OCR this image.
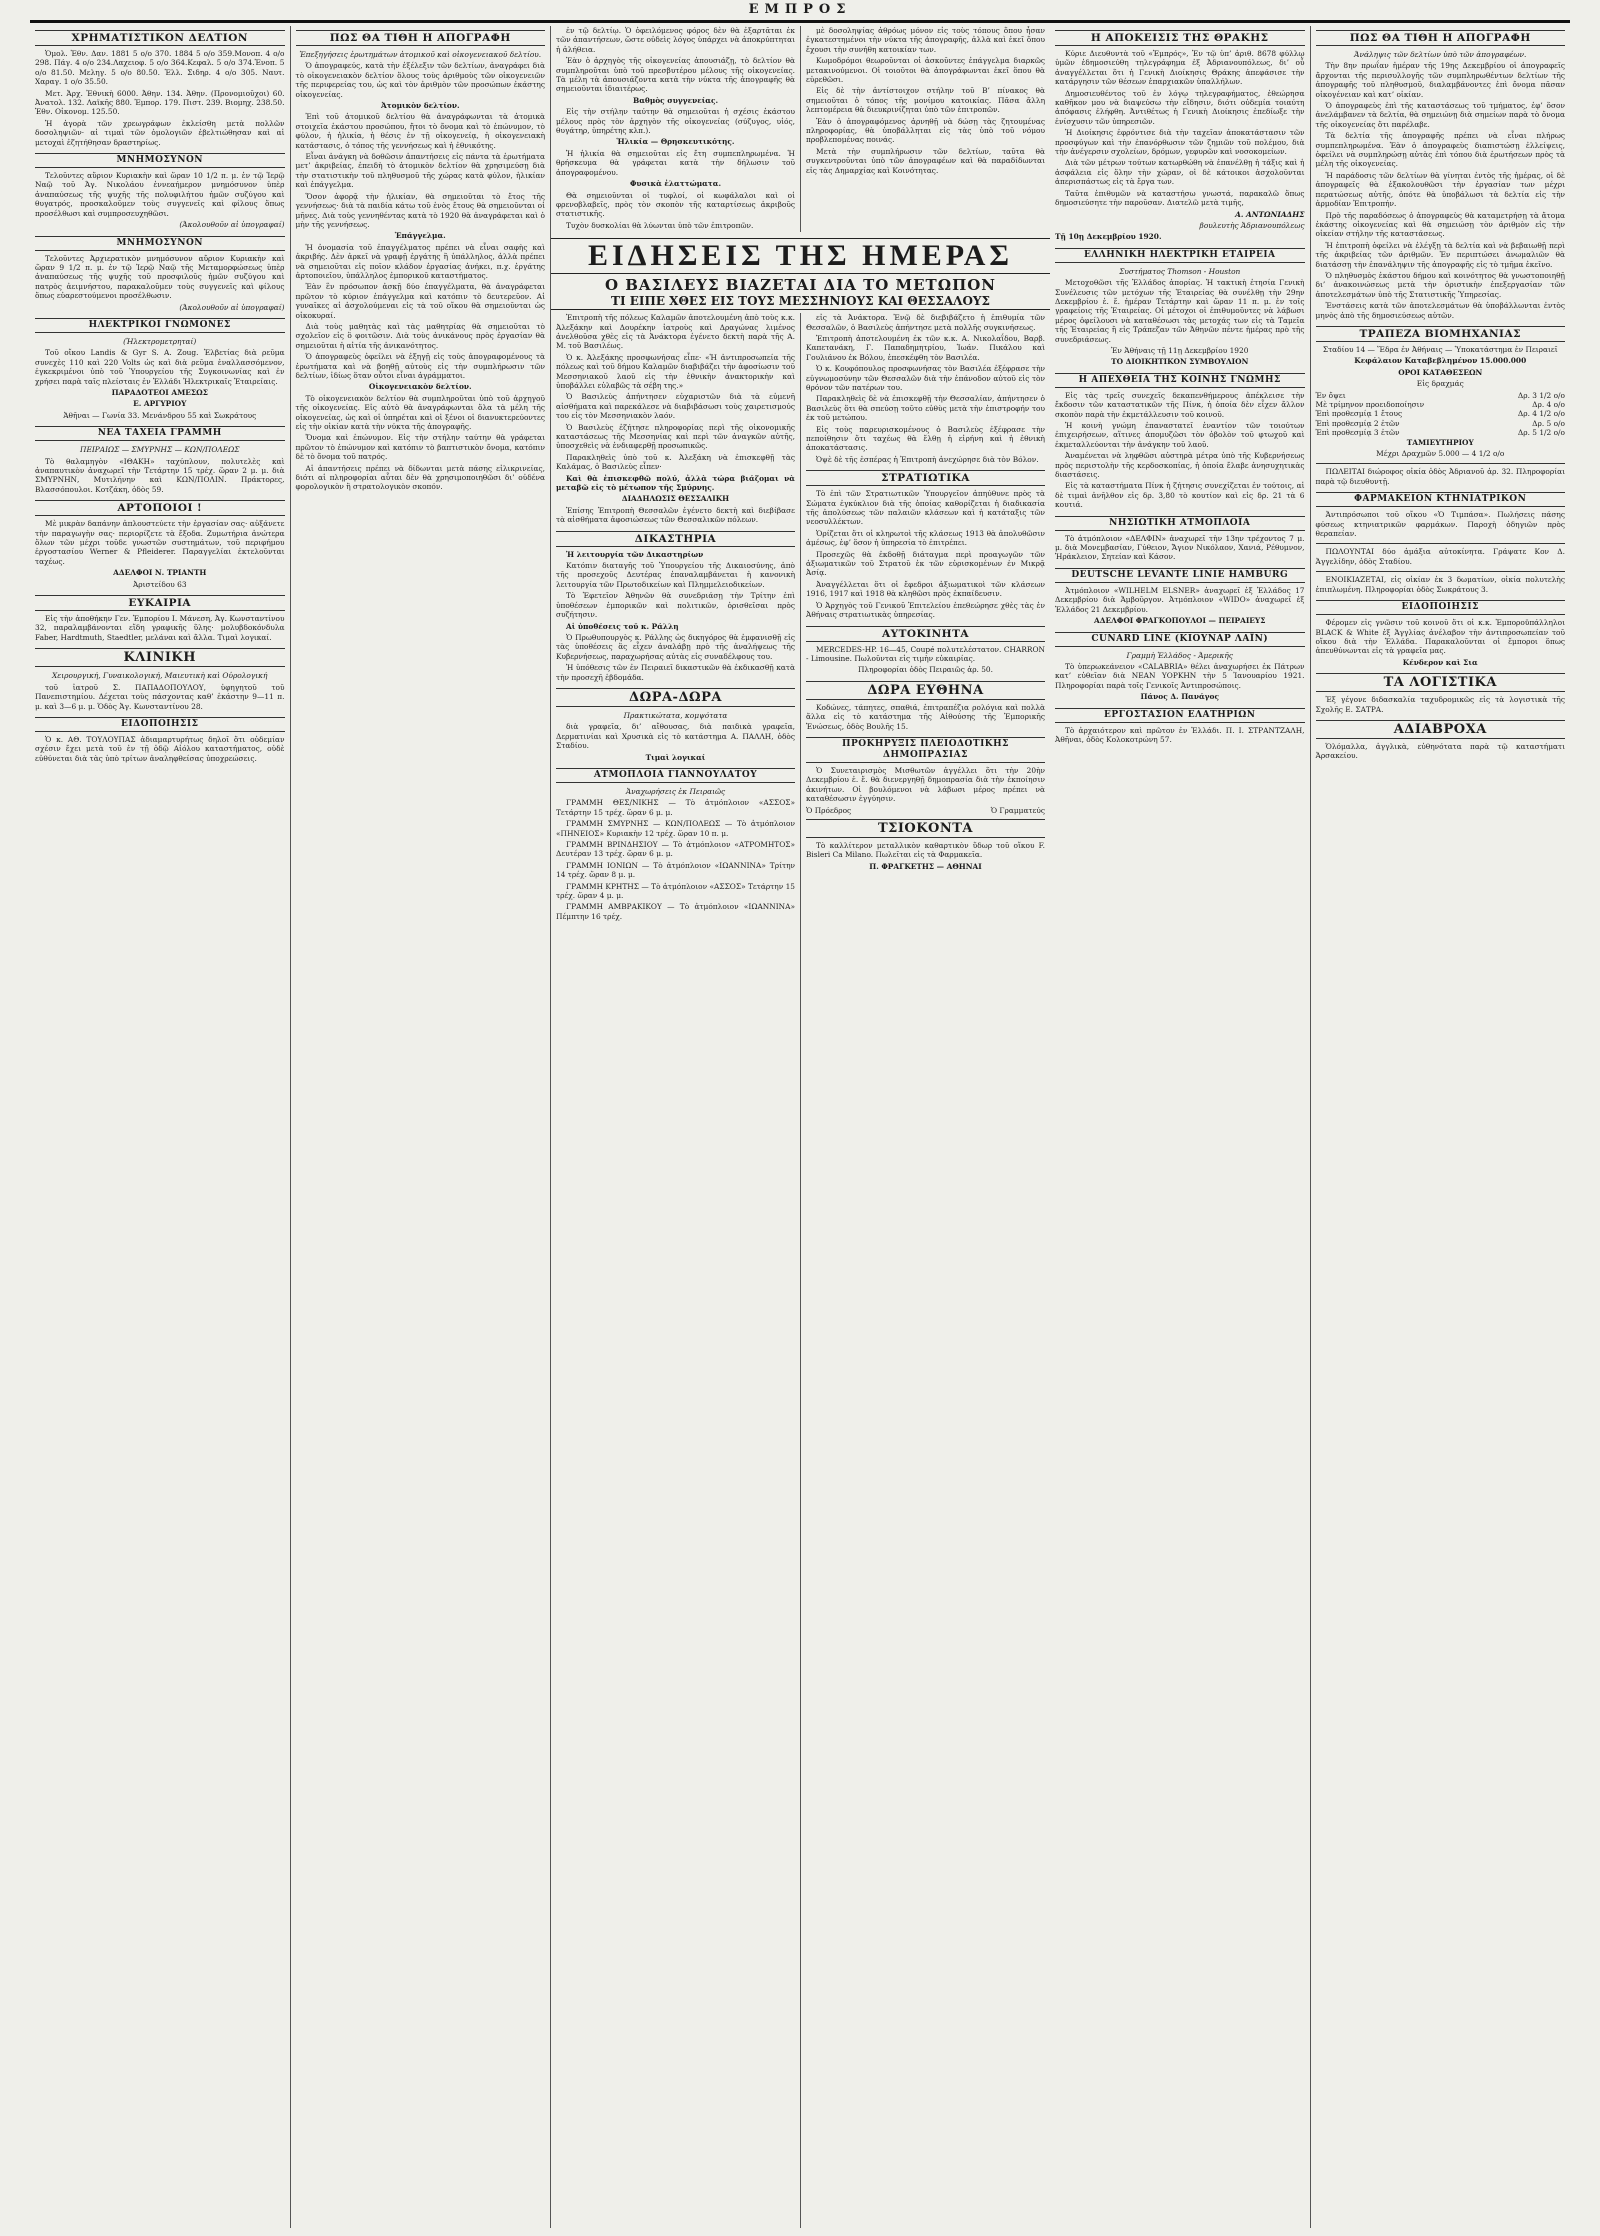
ΕΜΠΡΟΣ
ΧΡΗΜΑΤΙΣΤΙΚΟΝ ΔΕΛΤΙΟΝ

Ὁμολ. Ἐθν. Δαν. 1881 5 ο/ο 370. 1884 5 ο/ο 359.Μονοπ. 4 ο/ο 298. Πάγ. 4 ο/ο 234.Λαχειοφ. 5 ο/ο 364.Κεφαλ. 5 ο/ο 374.Ἐνοπ. 5 ο/ο 81.50. Μεληγ. 5 ο/ο 80.50. Ἐλλ. Σιδηρ. 4 ο/ο 305. Ναυτ. Χαραγ. 1 ο/ο 35.50.

Μετ. Ἀρχ. Ἐθνικὴ 6000. Ἀθην. 134. Ἀθην. (Προνομιοῦχοι) 60. Ἀνατολ. 132. Λαϊκῆς 880. Ἐμπορ. 179. Πιστ. 239. Βιομηχ. 238.50. Ἐθν. Οἰκονομ. 125.50.

Ἡ ἀγορὰ τῶν χρεωγράφων ἐκλείσθη μετὰ πολλῶν δοσοληψιῶν· αἱ τιμαὶ τῶν ὁμολογιῶν ἐβελτιώθησαν καὶ αἱ μετοχαὶ ἐζητήθησαν δραστηρίως.

ΜΝΗΜΟΣΥΝΟΝ

Τελοῦντες αὔριον Κυριακὴν καὶ ὥραν 10 1/2 π. μ. ἐν τῷ Ἱερῷ Ναῷ τοῦ Ἁγ. Νικολάου ἐννεαήμερον μνημόσυνον ὑπὲρ ἀναπαύσεως τῆς ψυχῆς τῆς πολυφιλήτου ἡμῶν συζύγου καὶ θυγατρός, προσκαλοῦμεν τοὺς συγγενεῖς καὶ φίλους ὅπως προσέλθωσι καὶ συμπροσευχηθῶσι.

(Ἀκολουθοῦν αἱ ὑπογραφαί)

ΜΝΗΜΟΣΥΝΟΝ

Τελοῦντες Ἀρχιερατικὸν μνημόσυνον αὔριον Κυριακὴν καὶ ὥραν 9 1/2 π. μ. ἐν τῷ Ἱερῷ Ναῷ τῆς Μεταμορφώσεως ὑπὲρ ἀναπαύσεως τῆς ψυχῆς τοῦ προσφιλοῦς ἡμῶν συζύγου καὶ πατρὸς ἀειμνήστου, παρακαλοῦμεν τοὺς συγγενεῖς καὶ φίλους ὅπως εὐαρεστούμενοι προσέλθωσιν.

(Ἀκολουθοῦν αἱ ὑπογραφαί)

ΗΛΕΚΤΡΙΚΟΙ ΓΝΩΜΟΝΕΣ
(Ἠλεκτρομετρηταί)

Τοῦ οἴκου Landis & Gyr S. A. Zoug. Ἐλβετίας διὰ ρεῦμα συνεχὲς 110 καὶ 220 Volts ὡς καὶ διὰ ρεῦμα ἐναλλασσόμενον, ἐγκεκριμένοι ὑπὸ τοῦ Ὑπουργείου τῆς Συγκοινωνίας καὶ ἐν χρήσει παρὰ ταῖς πλείσταις ἐν Ἑλλάδι Ἠλεκτρικαῖς Ἑταιρείαις.

ΠΑΡΑΔΟΤΕΟΙ ΑΜΕΣΩΣ

Ε. ΑΡΓΥΡΙΟΥ

Ἀθῆναι — Γωνία 33. Μενάνδρου 55 καὶ Σωκράτους

ΝΕΑ ΤΑΧΕΙΑ ΓΡΑΜΜΗ
ΠΕΙΡΑΙΩΣ — ΣΜΥΡΝΗΣ — ΚΩΝ/ΠΟΛΕΩΣ

Τὸ θαλαμηγὸν «ΙΘΑΚΗ» ταχύπλουν, πολυτελὲς καὶ ἀναπαυτικὸν ἀναχωρεῖ τὴν Τετάρτην 15 τρέχ. ὥραν 2 μ. μ. διὰ ΣΜΥΡΝΗΝ, Μυτιλήνην καὶ ΚΩΝ/ΠΟΛΙΝ. Πράκτορες, Βλασσόπουλοι. Κοτζάκη, ὁδὸς 59.

ΑΡΤΟΠΟΙΟΙ !

Μὲ μικρὰν δαπάνην ἀπλουστεύετε τὴν ἐργασίαν σας· αὐξάνετε τὴν παραγωγὴν σας· περιορίζετε τὰ ἔξοδα. Ζυμωτήρια ἀνώτερα ὅλων τῶν μέχρι τοῦδε γνωστῶν συστημάτων, τοῦ περιφήμου ἐργοστασίου Werner & Pfleiderer. Παραγγελίαι ἐκτελοῦνται ταχέως.

ΑΔΕΛΦΟΙ Ν. ΤΡΙΑΝΤΗ

Ἀριστείδου 63

ΕΥΚΑΙΡΙΑ

Εἰς τὴν ἀποθήκην Γεν. Ἐμπορίου Ι. Μάνεση, Ἀγ. Κωνσταντίνου 32, παραλαμβάνονται εἴδη γραφικῆς ὕλης· μολυβδοκόνδυλα Faber, Hardtmuth, Staedtler, μελάναι καὶ ἄλλα. Τιμαὶ λογικαί.

ΚΛΙΝΙΚΗ
Χειρουργική, Γυναικολογική, Μαιευτικὴ καὶ Οὐρολογική

τοῦ ἰατροῦ Σ. ΠΑΠΑΔΟΠΟΥΛΟΥ, ὑφηγητοῦ τοῦ Πανεπιστημίου. Δέχεται τοὺς πάσχοντας καθ’ ἑκάστην 9—11 π. μ. καὶ 3—6 μ. μ. Ὁδὸς Ἀγ. Κωνσταντίνου 28.

ΕΙΔΟΠΟΙΗΣΙΣ

Ὁ κ. ΑΘ. ΤΟΥΛΟΥΠΑΣ ἀδιαμαρτυρήτως δηλοῖ ὅτι οὐδεμίαν σχέσιν ἔχει μετὰ τοῦ ἐν τῇ ὁδῷ Αἰόλου καταστήματος, οὐδὲ εὐθύνεται διὰ τὰς ὑπὸ τρίτων ἀναληφθείσας ὑποχρεώσεις.

ΠΩΣ ΘΑ ΤΙΘΗ Η ΑΠΟΓΡΑΦΗ
Ἐπεξηγήσεις ἐρωτημάτων ἀτομικοῦ καὶ οἰκογενειακοῦ δελτίου.

Ὁ ἀπογραφεύς, κατὰ τὴν ἐξέλεξιν τῶν δελτίων, ἀναγράφει διὰ τὸ οἰκογενειακὸν δελτίον ὅλους τοὺς ἀριθμοὺς τῶν οἰκογενειῶν τῆς περιφερείας του, ὡς καὶ τὸν ἀριθμὸν τῶν προσώπων ἐκάστης οἰκογενείας.

Ἀτομικὸν δελτίον.

Ἐπὶ τοῦ ἀτομικοῦ δελτίου θὰ ἀναγράφωνται τὰ ἀτομικὰ στοιχεῖα ἑκάστου προσώπου, ἤτοι τὸ ὄνομα καὶ τὸ ἐπώνυμον, τὸ φύλον, ἡ ἡλικία, ἡ θέσις ἐν τῇ οἰκογενείᾳ, ἡ οἰκογενειακὴ κατάστασις, ὁ τόπος τῆς γεννήσεως καὶ ἡ ἐθνικότης.

Εἶναι ἀνάγκη νὰ δοθῶσιν ἀπαντήσεις εἰς πάντα τὰ ἐρωτήματα μετ’ ἀκριβείας, ἐπειδὴ τὸ ἀτομικὸν δελτίον θὰ χρησιμεύσῃ διὰ τὴν στατιστικὴν τοῦ πληθυσμοῦ τῆς χώρας κατὰ φύλον, ἡλικίαν καὶ ἐπάγγελμα.

Ὅσον ἀφορᾷ τὴν ἡλικίαν, θὰ σημειοῦται τὸ ἔτος τῆς γεννήσεως· διὰ τὰ παιδία κάτω τοῦ ἑνὸς ἔτους θὰ σημειοῦνται οἱ μῆνες. Διὰ τοὺς γεννηθέντας κατὰ τὸ 1920 θὰ ἀναγράφεται καὶ ὁ μὴν τῆς γεννήσεως.

Ἐπάγγελμα.

Ἡ ὀνομασία τοῦ ἐπαγγέλματος πρέπει νὰ εἶναι σαφὴς καὶ ἀκριβής. Δὲν ἀρκεῖ νὰ γραφῇ ἐργάτης ἢ ὑπάλληλος, ἀλλὰ πρέπει νὰ σημειοῦται εἰς ποῖον κλάδον ἐργασίας ἀνήκει, π.χ. ἐργάτης ἀρτοποιεῖου, ὑπάλληλος ἐμπορικοῦ καταστήματος.

Ἐὰν ἓν πρόσωπον ἀσκῇ δύο ἐπαγγέλματα, θὰ ἀναγράφεται πρῶτον τὸ κύριον ἐπάγγελμα καὶ κατόπιν τὸ δευτερεῦον. Αἱ γυναῖκες αἱ ἀσχολούμεναι εἰς τὰ τοῦ οἴκου θὰ σημειοῦνται ὡς οἰκοκυραί.

Διὰ τοὺς μαθητὰς καὶ τὰς μαθητρίας θὰ σημειοῦται τὸ σχολεῖον εἰς ὃ φοιτῶσιν. Διὰ τοὺς ἀνικάνους πρὸς ἐργασίαν θὰ σημειοῦται ἡ αἰτία τῆς ἀνικανότητος.

Ὁ ἀπογραφεὺς ὀφείλει νὰ ἐξηγῇ εἰς τοὺς ἀπογραφομένους τὰ ἐρωτήματα καὶ νὰ βοηθῇ αὐτοὺς εἰς τὴν συμπλήρωσιν τῶν δελτίων, ἰδίως ὅταν οὗτοι εἶναι ἀγράμματοι.

Οἰκογενειακὸν δελτίον.

Τὸ οἰκογενειακὸν δελτίον θὰ συμπληροῦται ὑπὸ τοῦ ἀρχηγοῦ τῆς οἰκογενείας. Εἰς αὐτὸ θὰ ἀναγράφωνται ὅλα τὰ μέλη τῆς οἰκογενείας, ὡς καὶ οἱ ὑπηρέται καὶ οἱ ξένοι οἱ διανυκτερεύοντες εἰς τὴν οἰκίαν κατὰ τὴν νύκτα τῆς ἀπογραφῆς.

Ὄνομα καὶ ἐπώνυμον. Εἰς τὴν στήλην ταύτην θὰ γράφεται πρῶτον τὸ ἐπώνυμον καὶ κατόπιν τὸ βαπτιστικὸν ὄνομα, κατόπιν δὲ τὸ ὄνομα τοῦ πατρός.

Αἱ ἀπαντήσεις πρέπει νὰ δίδωνται μετὰ πάσης εἰλικρινείας, διότι αἱ πληροφορίαι αὗται δὲν θὰ χρησιμοποιηθῶσι δι’ οὐδένα φορολογικὸν ἢ στρατολογικὸν σκοπόν.

ἐν τῷ δελτίῳ. Ὁ ὀφειλόμενος φόρος δὲν θὰ ἐξαρτᾶται ἐκ τῶν ἀπαντήσεων, ὥστε οὐδεὶς λόγος ὑπάρχει νὰ ἀποκρύπτηται ἡ ἀλήθεια.

Ἐὰν ὁ ἀρχηγὸς τῆς οἰκογενείας ἀπουσιάζῃ, τὸ δελτίον θὰ συμπληροῦται ὑπὸ τοῦ πρεσβυτέρου μέλους τῆς οἰκογενείας. Τὰ μέλη τὰ ἀπουσιάζοντα κατὰ τὴν νύκτα τῆς ἀπογραφῆς θὰ σημειοῦνται ἰδιαιτέρως.

Βαθμὸς συγγενείας.

Εἰς τὴν στήλην ταύτην θὰ σημειοῦται ἡ σχέσις ἑκάστου μέλους πρὸς τὸν ἀρχηγὸν τῆς οἰκογενείας (σύζυγος, υἱός, θυγάτηρ, ὑπηρέτης κλπ.).

Ἡλικία — Θρησκευτικότης.

Ἡ ἡλικία θὰ σημειοῦται εἰς ἔτη συμπεπληρωμένα. Ἡ θρήσκευμα θὰ γράφεται κατὰ τὴν δήλωσιν τοῦ ἀπογραφομένου.

Φυσικὰ ἐλαττώματα.

Θὰ σημειοῦνται οἱ τυφλοί, οἱ κωφάλαλοι καὶ οἱ φρενοβλαβεῖς, πρὸς τὸν σκοπὸν τῆς καταρτίσεως ἀκριβοῦς στατιστικῆς.

Τυχὸν δυσκολίαι θὰ λύωνται ὑπὸ τῶν ἐπιτροπῶν.

μὲ δοσοληψίας ἀθρόως μόνον εἰς τοὺς τόπους ὅπου ἦσαν ἐγκατεστημένοι τὴν νύκτα τῆς ἀπογραφῆς, ἀλλὰ καὶ ἐκεῖ ὅπου ἔχουσι τὴν συνήθη κατοικίαν των.

Κωμοδρόμοι θεωροῦνται οἱ ἀσκοῦντες ἐπάγγελμα διαρκῶς μετακινούμενοι. Οἱ τοιοῦτοι θὰ ἀπογράφωνται ἐκεῖ ὅπου θὰ εὑρεθῶσι.

Εἰς δὲ τὴν ἀντίστοιχον στήλην τοῦ Β’ πίνακος θὰ σημειοῦται ὁ τόπος τῆς μονίμου κατοικίας. Πᾶσα ἄλλη λεπτομέρεια θὰ διευκρινίζηται ὑπὸ τῶν ἐπιτροπῶν.

Ἐὰν ὁ ἀπογραφόμενος ἀρνηθῇ νὰ δώσῃ τὰς ζητουμένας πληροφορίας, θὰ ὑποβάλληται εἰς τὰς ὑπὸ τοῦ νόμου προβλεπομένας ποινάς.

Μετὰ τὴν συμπλήρωσιν τῶν δελτίων, ταῦτα θὰ συγκεντροῦνται ὑπὸ τῶν ἀπογραφέων καὶ θὰ παραδίδωνται εἰς τὰς Δημαρχίας καὶ Κοινότητας.

ΕΙΔΗΣΕΙΣ ΤΗΣ ΗΜΕΡΑΣ
Ο ΒΑΣΙΛΕΥΣ ΒΙΑΖΕΤΑΙ ΔΙΑ ΤΟ ΜΕΤΩΠΟΝ
ΤΙ ΕΙΠΕ ΧΘΕΣ ΕΙΣ ΤΟΥΣ ΜΕΣΣΗΝΙΟΥΣ ΚΑΙ ΘΕΣΣΑΛΟΥΣ

Ἐπιτροπὴ τῆς πόλεως Καλαμῶν ἀποτελουμένη ἀπὸ τοὺς κ.κ. Ἀλεξάκην καὶ Δουρέκην ἰατροὺς καὶ Δραγώνας λιμένος ἀνελθοῦσα χθὲς εἰς τὰ Ἀνάκτορα ἐγένετο δεκτὴ παρὰ τῆς Α. Μ. τοῦ Βασιλέως.

Ὁ κ. Ἀλεξάκης προσφωνήσας εἶπε· «Ἡ ἀντιπροσωπεία τῆς πόλεως καὶ τοῦ δήμου Καλαμῶν διαβιβάζει τὴν ἀφοσίωσιν τοῦ Μεσσηνιακοῦ λαοῦ εἰς τὴν ἐθνικὴν ἀνακτορικὴν καὶ ὑποβάλλει εὐλαβῶς τὰ σέβη της.»

Ὁ Βασιλεὺς ἀπήντησεν εὐχαριστῶν διὰ τὰ εὐμενῆ αἰσθήματα καὶ παρεκάλεσε νὰ διαβιβάσωσι τοὺς χαιρετισμούς του εἰς τὸν Μεσσηνιακὸν λαόν.

Ὁ Βασιλεὺς ἐζήτησε πληροφορίας περὶ τῆς οἰκονομικῆς καταστάσεως τῆς Μεσσηνίας καὶ περὶ τῶν ἀναγκῶν αὐτῆς, ὑποσχεθεὶς νὰ ἐνδιαφερθῇ προσωπικῶς.

Παρακληθεὶς ὑπὸ τοῦ κ. Ἀλεξάκη νὰ ἐπισκεφθῇ τὰς Καλάμας, ὁ Βασιλεὺς εἶπεν·

Καὶ θὰ ἐπισκεφθῶ πολύ, ἀλλὰ τώρα βιάζομαι νὰ μεταβῶ εἰς τὸ μέτωπον τῆς Σμύρνης.

ΔΙΑΔΗΛΩΣΙΣ ΘΕΣΣΑΛΙΚΗ

Ἐπίσης Ἐπιτροπὴ Θεσσαλῶν ἐγένετο δεκτὴ καὶ διεβίβασε τὰ αἰσθήματα ἀφοσιώσεως τῶν Θεσσαλικῶν πόλεων.

ΔΙΚΑΣΤΗΡΙΑ

Ἡ λειτουργία τῶν Δικαστηρίων

Κατόπιν διαταγῆς τοῦ Ὑπουργείου τῆς Δικαιοσύνης, ἀπὸ τῆς προσεχοῦς Δευτέρας ἐπαναλαμβάνεται ἡ κανονικὴ λειτουργία τῶν Πρωτοδικείων καὶ Πλημμελειοδικείων.

Τὸ Ἐφετεῖον Ἀθηνῶν θὰ συνεδριάσῃ τὴν Τρίτην ἐπὶ ὑποθέσεων ἐμπορικῶν καὶ πολιτικῶν, ὁρισθεῖσαι πρὸς συζήτησιν.

Αἱ ὑποθέσεις τοῦ κ. Ράλλη

Ὁ Πρωθυπουργὸς κ. Ράλλης ὡς δικηγόρος θὰ ἐμφανισθῇ εἰς τὰς ὑποθέσεις ἃς εἶχεν ἀναλάβῃ πρὸ τῆς ἀναλήψεως τῆς Κυβερνήσεως, παραχωρήσας αὐτὰς εἰς συναδέλφους του.

Ἡ ὑπόθεσις τῶν ἐν Πειραιεῖ δικαστικῶν θὰ ἐκδικασθῇ κατὰ τὴν προσεχῆ ἑβδομάδα.

ΔΩΡΑ-ΔΩΡΑ
Πρακτικώτατα, κομψότατα

διὰ γραφεῖα, δι’ αἴθουσας, διὰ παιδικὰ γραφεῖα, Δερματινίαι καὶ Χρυσικὰ εἰς τὸ κατάστημα Α. ΠΑΛΛΗ, ὁδὸς Σταδίου.

Τιμαὶ λογικαί

ΑΤΜΟΠΛΟΙΑ ΓΙΑΝΝΟΥΛΑΤΟΥ
Ἀναχωρήσεις ἐκ Πειραιῶς

ΓΡΑΜΜΗ ΘΕΣ/ΝΙΚΗΣ — Τὸ ἀτμόπλοιον «ΑΣΣΟΣ» Τετάρτην 15 τρέχ. ὥραν 6 μ. μ.

ΓΡΑΜΜΗ ΣΜΥΡΝΗΣ — ΚΩΝ/ΠΟΛΕΩΣ — Τὸ ἀτμόπλοιον «ΠΗΝΕΙΟΣ» Κυριακὴν 12 τρέχ. ὥραν 10 π. μ.

ΓΡΑΜΜΗ ΒΡΙΝΔΗΣΙΟΥ — Τὸ ἀτμόπλοιον «ΑΤΡΟΜΗΤΟΣ» Δευτέραν 13 τρέχ. ὥραν 6 μ. μ.

ΓΡΑΜΜΗ ΙΟΝΙΩΝ — Τὸ ἀτμόπλοιον «ΙΩΑΝΝΙΝΑ» Τρίτην 14 τρέχ. ὥραν 8 μ. μ.

ΓΡΑΜΜΗ ΚΡΗΤΗΣ — Τὸ ἀτμόπλοιον «ΑΣΣΟΣ» Τετάρτην 15 τρέχ. ὥραν 4 μ. μ.

ΓΡΑΜΜΗ ΑΜΒΡΑΚΙΚΟΥ — Τὸ ἀτμόπλοιον «ΙΩΑΝΝΙΝΑ» Πέμπτην 16 τρέχ.

εἰς τὰ Ἀνάκτορα. Ἐνῷ δὲ διεβιβάζετο ἡ ἐπιθυμία τῶν Θεσσαλῶν, ὁ Βασιλεὺς ἀπήντησε μετὰ πολλῆς συγκινήσεως.

Ἐπιτροπὴ ἀποτελουμένη ἐκ τῶν κ.κ. Α. Νικολαΐδου, Βαρβ. Καπετανάκη, Γ. Παπαδημητρίου, Ἰωάν. Πικάλου καὶ Γουλιάνου ἐκ Βόλου, ἐπεσκέφθη τὸν Βασιλέα.

Ὁ κ. Κουφόπουλος προσφωνήσας τὸν Βασιλέα ἐξέφρασε τὴν εὐγνωμοσύνην τῶν Θεσσαλῶν διὰ τὴν ἐπάνοδον αὐτοῦ εἰς τὸν θρόνον τῶν πατέρων του.

Παρακληθεὶς δὲ νὰ ἐπισκεφθῇ τὴν Θεσσαλίαν, ἀπήντησεν ὁ Βασιλεὺς ὅτι θὰ σπεύσῃ τοῦτο εὐθὺς μετὰ τὴν ἐπιστροφήν του ἐκ τοῦ μετώπου.

Εἰς τοὺς παρευρισκομένους ὁ Βασιλεὺς ἐξέφρασε τὴν πεποίθησιν ὅτι ταχέως θὰ ἔλθῃ ἡ εἰρήνη καὶ ἡ ἐθνικὴ ἀποκατάστασις.

Ὀψὲ δὲ τῆς ἑσπέρας ἡ Ἐπιτροπὴ ἀνεχώρησε διὰ τὸν Βόλον.

ΣΤΡΑΤΙΩΤΙΚΑ

Τὸ ἐπὶ τῶν Στρατιωτικῶν Ὑπουργεῖον ἀπηύθυνε πρὸς τὰ Σώματα ἐγκύκλιον διὰ τῆς ὁποίας καθορίζεται ἡ διαδικασία τῆς ἀπολύσεως τῶν παλαιῶν κλάσεων καὶ ἡ κατάταξις τῶν νεοσυλλέκτων.

Ὁρίζεται ὅτι οἱ κληρωτοὶ τῆς κλάσεως 1913 θὰ ἀπολυθῶσιν ἀμέσως, ἐφ’ ὅσον ἡ ὑπηρεσία τὸ ἐπιτρέπει.

Προσεχῶς θὰ ἐκδοθῇ διάταγμα περὶ προαγωγῶν τῶν ἀξιωματικῶν τοῦ Στρατοῦ ἐκ τῶν εὑρισκομένων ἐν Μικρᾷ Ἀσίᾳ.

Ἀναγγέλλεται ὅτι οἱ ἔφεδροι ἀξιωματικοὶ τῶν κλάσεων 1916, 1917 καὶ 1918 θὰ κληθῶσι πρὸς ἐκπαίδευσιν.

Ὁ Ἀρχηγὸς τοῦ Γενικοῦ Ἐπιτελείου ἐπεθεώρησε χθὲς τὰς ἐν Ἀθήναις στρατιωτικὰς ὑπηρεσίας.

ΑΥΤΟΚΙΝΗΤΑ

MERCEDES-HP. 16—45, Coupé πολυτελέστατον. CHARRON - Limousine. Πωλοῦνται εἰς τιμὴν εὐκαιρίας.

Πληροφορίαι ὁδὸς Πειραιῶς ἀρ. 50.

ΔΩΡΑ ΕΥΘΗΝΑ

Κοδώνες, τάπητες, σπαθιά, ἐπιτραπέζια ρολόγια καὶ πολλὰ ἄλλα εἰς τὸ κατάστημα τῆς Αἰθούσης τῆς Ἐμπορικῆς Ἑνώσεως, ὁδὸς Βουλῆς 15.

ΠΡΟΚΗΡΥΞΙΣ ΠΛΕΙΟΔΟΤΙΚΗΣ ΔΗΜΟΠΡΑΣΙΑΣ

Ὁ Συνεταιρισμὸς Μισθωτῶν ἀγγέλλει ὅτι τὴν 20ὴν Δεκεμβρίου ἐ. ἔ. θὰ διενεργηθῇ δημοπρασία διὰ τὴν ἐκποίησιν ἀκινήτων. Οἱ βουλόμενοι νὰ λάβωσι μέρος πρέπει νὰ καταθέσωσιν ἐγγύησιν.

Ὁ Πρόεδρος	Ὁ Γραμματεύς
ΤΣΙΟΚΟΝΤΑ

Τὸ καλλίτερον μεταλλικὸν καθαρτικὸν ὕδωρ τοῦ οἴκου F. Bisleri Ca Milano. Πωλεῖται εἰς τὰ Φαρμακεῖα.

Π. ΦΡΑΓΚΕΤΗΣ — ΑΘΗΝΑΙ

Η ΑΠΟΚΕΙΣΙΣ ΤΗΣ ΘΡΑΚΗΣ

Κύριε Διευθυντὰ τοῦ «Ἐμπρός», Ἐν τῷ ὑπ’ ἀριθ. 8678 φύλλῳ ὑμῶν ἐδημοσιεύθη τηλεγράφημα ἐξ Ἀδριανουπόλεως, δι’ οὗ ἀναγγέλλεται ὅτι ἡ Γενικὴ Διοίκησις Θράκης ἀπεφάσισε τὴν κατάργησιν τῶν θέσεων ἐπαρχιακῶν ὑπαλλήλων.

Δημοσιευθέντος τοῦ ἐν λόγῳ τηλεγραφήματος, ἐθεώρησα καθῆκον μου νὰ διαψεύσω τὴν εἴδησιν, διότι οὐδεμία τοιαύτη ἀπόφασις ἐλήφθη. Ἀντιθέτως ἡ Γενικὴ Διοίκησις ἐπεδίωξε τὴν ἐνίσχυσιν τῶν ὑπηρεσιῶν.

Ἡ Διοίκησις ἐφρόντισε διὰ τὴν ταχεῖαν ἀποκατάστασιν τῶν προσφύγων καὶ τὴν ἐπανόρθωσιν τῶν ζημιῶν τοῦ πολέμου, διὰ τὴν ἀνέγερσιν σχολείων, δρόμων, γεφυρῶν καὶ νοσοκομείων.

Διὰ τῶν μέτρων τούτων κατωρθώθη νὰ ἐπανέλθῃ ἡ τάξις καὶ ἡ ἀσφάλεια εἰς ὅλην τὴν χώραν, οἱ δὲ κάτοικοι ἀσχολοῦνται ἀπερισπάστως εἰς τὰ ἔργα των.

Ταῦτα ἐπιθυμῶν νὰ καταστήσω γνωστά, παρακαλῶ ὅπως δημοσιεύσητε τὴν παροῦσαν. Διατελῶ μετὰ τιμῆς,

Α. ΑΝΤΩΝΙΑΔΗΣ

βουλευτὴς Ἀδριανουπόλεως

Τῇ 10ῃ Δεκεμβρίου 1920.

ΕΛΛΗΝΙΚΗ ΗΛΕΚΤΡΙΚΗ ΕΤΑΙΡΕΙΑ
Συστήματος Thomson - Houston

Μετοχοθῶσι τῆς Ἑλλάδος ἀπορίας. Ἡ τακτικὴ ἐτησία Γενικὴ Συνέλευσις τῶν μετόχων τῆς Ἑταιρείας θὰ συνέλθῃ τὴν 29ην Δεκεμβρίου ἐ. ἔ. ἡμέραν Τετάρτην καὶ ὥραν 11 π. μ. ἐν τοῖς γραφείοις τῆς Ἑταιρείας. Οἱ μέτοχοι οἱ ἐπιθυμοῦντες νὰ λάβωσι μέρος ὀφείλουσι νὰ καταθέσωσι τὰς μετοχάς των εἰς τὰ Ταμεῖα τῆς Ἑταιρείας ἢ εἰς Τράπεζαν τῶν Ἀθηνῶν πέντε ἡμέρας πρὸ τῆς συνεδριάσεως.

Ἐν Ἀθήναις τῇ 11ῃ Δεκεμβρίου 1920

ΤΟ ΔΙΟΙΚΗΤΙΚΟΝ ΣΥΜΒΟΥΛΙΟΝ

Η ΑΠΕΧΘΕΙΑ ΤΗΣ ΚΟΙΝΗΣ ΓΝΩΜΗΣ

Εἰς τὰς τρεῖς συνεχεῖς δεκαπενθήμερους ἀπέκλεισε τὴν ἔκδοσιν τῶν καταστατικῶν τῆς Πίνκ, ἡ ὁποία δὲν εἶχεν ἄλλον σκοπὸν παρὰ τὴν ἐκμετάλλευσιν τοῦ κοινοῦ.

Ἡ κοινὴ γνώμη ἐπαναστατεῖ ἐναντίον τῶν τοιούτων ἐπιχειρήσεων, αἵτινες ἀπομυζῶσι τὸν ὀβολὸν τοῦ φτωχοῦ καὶ ἐκμεταλλεύονται τὴν ἀνάγκην τοῦ λαοῦ.

Ἀναμένεται νὰ ληφθῶσι αὐστηρὰ μέτρα ὑπὸ τῆς Κυβερνήσεως πρὸς περιστολὴν τῆς κερδοσκοπίας, ἡ ὁποία ἔλαβε ἀνησυχητικὰς διαστάσεις.

Εἰς τὰ καταστήματα Πίνκ ἡ ζήτησις συνεχίζεται ἐν τούτοις, αἱ δὲ τιμαὶ ἀνῆλθον εἰς δρ. 3,80 τὸ κουτίον καὶ εἰς δρ. 21 τὰ 6 κουτιά.

ΝΗΣΙΩΤΙΚΗ ΑΤΜΟΠΛΟΪΑ

Τὸ ἀτμόπλοιον «ΔΕΛΦΙΝ» ἀναχωρεῖ τὴν 13ην τρέχοντος 7 μ. μ. διὰ Μονεμβασίαν, Γύθειον, Ἄγιον Νικόλαον, Χανιά, Ρέθυμνον, Ἡράκλειον, Σητείαν καὶ Κάσον.

DEUTSCHE LEVANTE LINIE HAMBURG

Ἀτμόπλοιον «WILHELM ELSNER» ἀναχωρεῖ ἐξ Ἑλλάδος 17 Δεκεμβρίου διὰ Ἀμβοῦργον. Ἀτμόπλοιον «WIDO» ἀναχωρεῖ ἐξ Ἑλλάδος 21 Δεκεμβρίου.

ΑΔΕΛΦΟΙ ΦΡΑΓΚΟΠΟΥΛΟΙ — ΠΕΙΡΑΙΕΥΣ

CUNARD LINE (ΚΙΟΥΝΑΡ ΛΑΪΝ)
Γραμμὴ Ἑλλάδος - Ἀμερικῆς

Τὸ ὑπερωκεάνειον «CALABRIA» θέλει ἀναχωρήσει ἐκ Πάτρων κατ’ εὐθεῖαν διὰ ΝΕΑΝ ΥΟΡΚΗΝ τὴν 5 Ἰανουαρίου 1921. Πληροφορίαι παρὰ τοῖς Γενικοῖς Ἀντιπροσώποις.

Πάνος Δ. Πανάγος

ΕΡΓΟΣΤΑΣΙΟΝ ΕΛΑΤΗΡΙΩΝ

Τὸ ἀρχαιότερον καὶ πρῶτον ἐν Ἑλλάδι. Π. Ι. ΣΤΡΑΝΤΖΑΛΗ, Ἀθῆναι, ὁδὸς Κολοκοτρώνη 57.

ΠΩΣ ΘΑ ΤΙΘΗ Η ΑΠΟΓΡΑΦΗ
Ἀνάληψις τῶν δελτίων ὑπὸ τῶν ἀπογραφέων.

Τὴν 8ην πρωΐαν ἡμέραν τῆς 19ης Δεκεμβρίου οἱ ἀπογραφεῖς ἄρχονται τῆς περισυλλογῆς τῶν συμπληρωθέντων δελτίων τῆς ἀπογραφῆς τοῦ πληθυσμοῦ, διαλαμβάνοντες ἐπὶ ὄνομα πᾶσαν οἰκογένειαν καὶ κατ’ οἰκίαν.

Ὁ ἀπογραφεὺς ἐπὶ τῆς καταστάσεως τοῦ τμήματος, ἐφ’ ὅσον ἀνελάμβανεν τὰ δελτία, θὰ σημειώνῃ διὰ σημείων παρὰ τὸ ὄνομα τῆς οἰκογενείας ὅτι παρέλαβε.

Τὰ δελτία τῆς ἀπογραφῆς πρέπει νὰ εἶναι πλήρως συμπεπληρωμένα. Ἐὰν ὁ ἀπογραφεὺς διαπιστώσῃ ἐλλείψεις, ὀφείλει νὰ συμπληρώσῃ αὐτὰς ἐπὶ τόπου διὰ ἐρωτήσεων πρὸς τὰ μέλη τῆς οἰκογενείας.

Ἡ παράδοσις τῶν δελτίων θὰ γίνηται ἐντὸς τῆς ἡμέρας, οἱ δὲ ἀπογραφεῖς θὰ ἐξακολουθῶσι τὴν ἐργασίαν των μέχρι περατώσεως αὐτῆς, ὁπότε θὰ ὑποβάλωσι τὰ δελτία εἰς τὴν ἁρμοδίαν Ἐπιτροπήν.

Πρὸ τῆς παραδόσεως ὁ ἀπογραφεὺς θὰ καταμετρήσῃ τὰ ἄτομα ἑκάστης οἰκογενείας καὶ θὰ σημειώσῃ τὸν ἀριθμὸν εἰς τὴν οἰκείαν στήλην τῆς καταστάσεως.

Ἡ ἐπιτροπὴ ὀφείλει νὰ ἐλέγξῃ τὰ δελτία καὶ νὰ βεβαιωθῇ περὶ τῆς ἀκριβείας τῶν ἀριθμῶν. Ἐν περιπτώσει ἀνωμαλιῶν θὰ διατάσσῃ τὴν ἐπανάληψιν τῆς ἀπογραφῆς εἰς τὸ τμῆμα ἐκεῖνο.

Ὁ πληθυσμὸς ἑκάστου δήμου καὶ κοινότητος θὰ γνωστοποιηθῇ δι’ ἀνακοινώσεως μετὰ τὴν ὁριστικὴν ἐπεξεργασίαν τῶν ἀποτελεσμάτων ὑπὸ τῆς Στατιστικῆς Ὑπηρεσίας.

Ἐνστάσεις κατὰ τῶν ἀποτελεσμάτων θὰ ὑποβάλλωνται ἐντὸς μηνὸς ἀπὸ τῆς δημοσιεύσεως αὐτῶν.

ΤΡΑΠΕΖΑ ΒΙΟΜΗΧΑΝΙΑΣ

Σταδίου 14 — Ἕδρα ἐν Ἀθήναις — Ὑποκατάστημα ἐν Πειραιεῖ

Κεφάλαιον Καταβεβλημένον 15.000.000

ΟΡΟΙ ΚΑΤΑΘΕΣΕΩΝ

Εἰς δραχμάς

Ἐν ὄψει	Δρ. 3 1/2 ο/ο
Μὲ τρίμηνον προειδοποίησιν	Δρ. 4 ο/ο
Ἐπὶ προθεσμίᾳ 1 ἔτους	Δρ. 4 1/2 ο/ο
Ἐπὶ προθεσμίᾳ 2 ἐτῶν	Δρ. 5 ο/ο
Ἐπὶ προθεσμίᾳ 3 ἐτῶν	Δρ. 5 1/2 ο/ο

ΤΑΜΙΕΥΤΗΡΙΟΥ

Μέχρι Δραχμῶν 5.000 — 4 1/2 ο/ο

ΠΩΛΕΙΤΑΙ διώροφος οἰκία ὁδὸς Ἀδριανοῦ ἀρ. 32. Πληροφορίαι παρὰ τῷ διευθυντῇ.

ΦΑΡΜΑΚΕΙΟΝ ΚΤΗΝΙΑΤΡΙΚΟΝ

Ἀντιπρόσωποι τοῦ οἴκου «Ὁ Τιμπάσα». Πωλήσεις πάσης φύσεως κτηνιατρικῶν φαρμάκων. Παροχὴ ὁδηγιῶν πρὸς θεραπείαν.

ΠΩΛΟΥΝΤΑΙ δύο ἁμάξια αὐτοκίνητα. Γράψατε Κον Δ. Ἀγγελίδην, ὁδὸς Σταδίου.

ΕΝΟΙΚΙΑΖΕΤΑΙ, εἰς οἰκίαν ἐκ 3 δωματίων, οἰκία πολυτελὴς ἐπιπλωμένη. Πληροφορίαι ὁδὸς Σωκράτους 3.

ΕΙΔΟΠΟΙΗΣΙΣ

Φέρομεν εἰς γνῶσιν τοῦ κοινοῦ ὅτι οἱ κ.κ. Ἐμποροϋπάλληλοι BLACK & White ἐξ Ἀγγλίας ἀνέλαβον τὴν ἀντιπροσωπείαν τοῦ οἴκου διὰ τὴν Ἑλλάδα. Παρακαλοῦνται οἱ ἔμποροι ὅπως ἀπευθύνωνται εἰς τὰ γραφεῖα μας.

Κένδερον καὶ Σια

ΤΑ ΛΟΓΙΣΤΙΚΑ

Ἐξ γέγονε διδασκαλία ταχυδρομικῶς εἰς τὰ λογιστικὰ τῆς Σχολῆς Ε. ΣΑΤΡΑ.

ΑΔΙΑΒΡΟΧΑ

Ὁλόμαλλα, ἀγγλικὰ, εὐθηνότατα παρὰ τῷ καταστήματι Ἀρσακείου.
